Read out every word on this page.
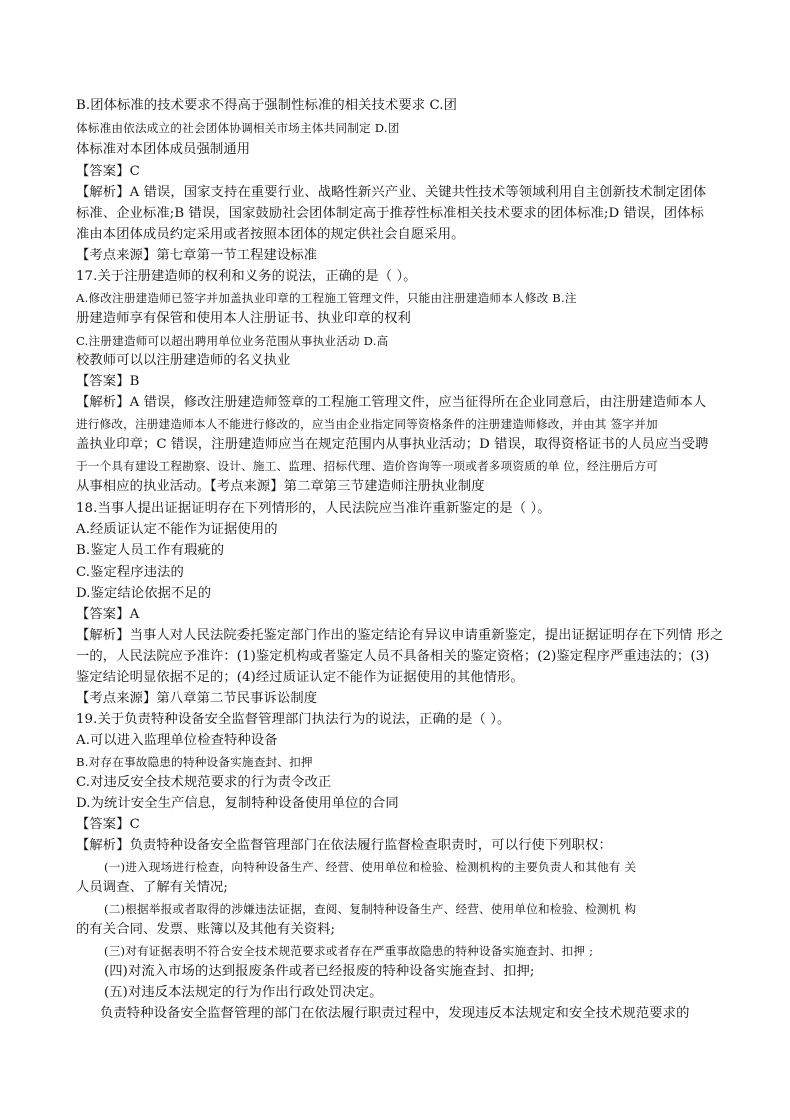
B.团体标准的技术要求不得高于强制性标准的相关技术要求 C.团
体标准由依法成立的社会团体协调相关市场主体共同制定 D.团
体标准对本团体成员强制通用
【答案】C
【解析】A 错误，国家支持在重要行业、战略性新兴产业、关键共性技术等领域利用自主创新技术制定团体
标准、企业标准;B 错误，国家鼓励社会团体制定高于推荐性标准相关技术要求的团体标准;D 错误，团体标
准由本团体成员约定采用或者按照本团体的规定供社会自愿采用。
【考点来源】第七章第一节工程建设标准
17.关于注册建造师的权利和义务的说法，正确的是（ ）。
A.修改注册建造师已签字并加盖执业印章的工程施工管理文件，只能由注册建造师本人修改 B.注
册建造师享有保管和使用本人注册证书、执业印章的权利
C.注册建造师可以超出聘用单位业务范围从事执业活动 D.高
校教师可以以注册建造师的名义执业
【答案】B
【解析】A 错误，修改注册建造师签章的工程施工管理文件，应当征得所在企业同意后，由注册建造师本人
进行修改，注册建造师本人不能进行修改的，应当由企业指定同等资格条件的注册建造师修改，并由其 签字并加
盖执业印章；C 错误，注册建造师应当在规定范围内从事执业活动；D 错误，取得资格证书的人员应当受聘
于一个具有建设工程勘察、设计、施工、监理、招标代理、造价咨询等一项或者多项资质的单 位，经注册后方可
从事相应的执业活动。【考点来源】第二章第三节建造师注册执业制度
18.当事人提出证据证明存在下列情形的，人民法院应当准许重新鉴定的是（ ）。
A.经质证认定不能作为证据使用的
B.鉴定人员工作有瑕疵的
C.鉴定程序违法的
D.鉴定结论依据不足的
【答案】A
【解析】当事人对人民法院委托鉴定部门作出的鉴定结论有异议申请重新鉴定，提出证据证明存在下列情 形之
一的，人民法院应予准许：(1)鉴定机构或者鉴定人员不具备相关的鉴定资格；(2)鉴定程序严重违法的；(3)
鉴定结论明显依据不足的；(4)经过质证认定不能作为证据使用的其他情形。
【考点来源】第八章第二节民事诉讼制度
19.关于负责特种设备安全监督管理部门执法行为的说法，正确的是（ ）。
A.可以进入监理单位检查特种设备
B.对存在事故隐患的特种设备实施查封、扣押
C.对违反安全技术规范要求的行为责令改正
D.为统计安全生产信息，复制特种设备使用单位的合同
【答案】C
【解析】负责特种设备安全监督管理部门在依法履行监督检查职责时，可以行使下列职权：
(一)进入现场进行检查，向特种设备生产、经营、使用单位和检验、检测机构的主要负责人和其他有 关
人员调查、了解有关情况;
(二)根据举报或者取得的涉嫌违法证据，查阅、复制特种设备生产、经营、使用单位和检验、检测机 构
的有关合同、发票、账簿以及其他有关资料;
(三)对有证据表明不符合安全技术规范要求或者存在严重事故隐患的特种设备实施查封、扣押 ;
(四)对流入市场的达到报废条件或者已经报废的特种设备实施查封、扣押;
(五)对违反本法规定的行为作出行政处罚决定。
负责特种设备安全监督管理的部门在依法履行职责过程中，发现违反本法规定和安全技术规范要求的
